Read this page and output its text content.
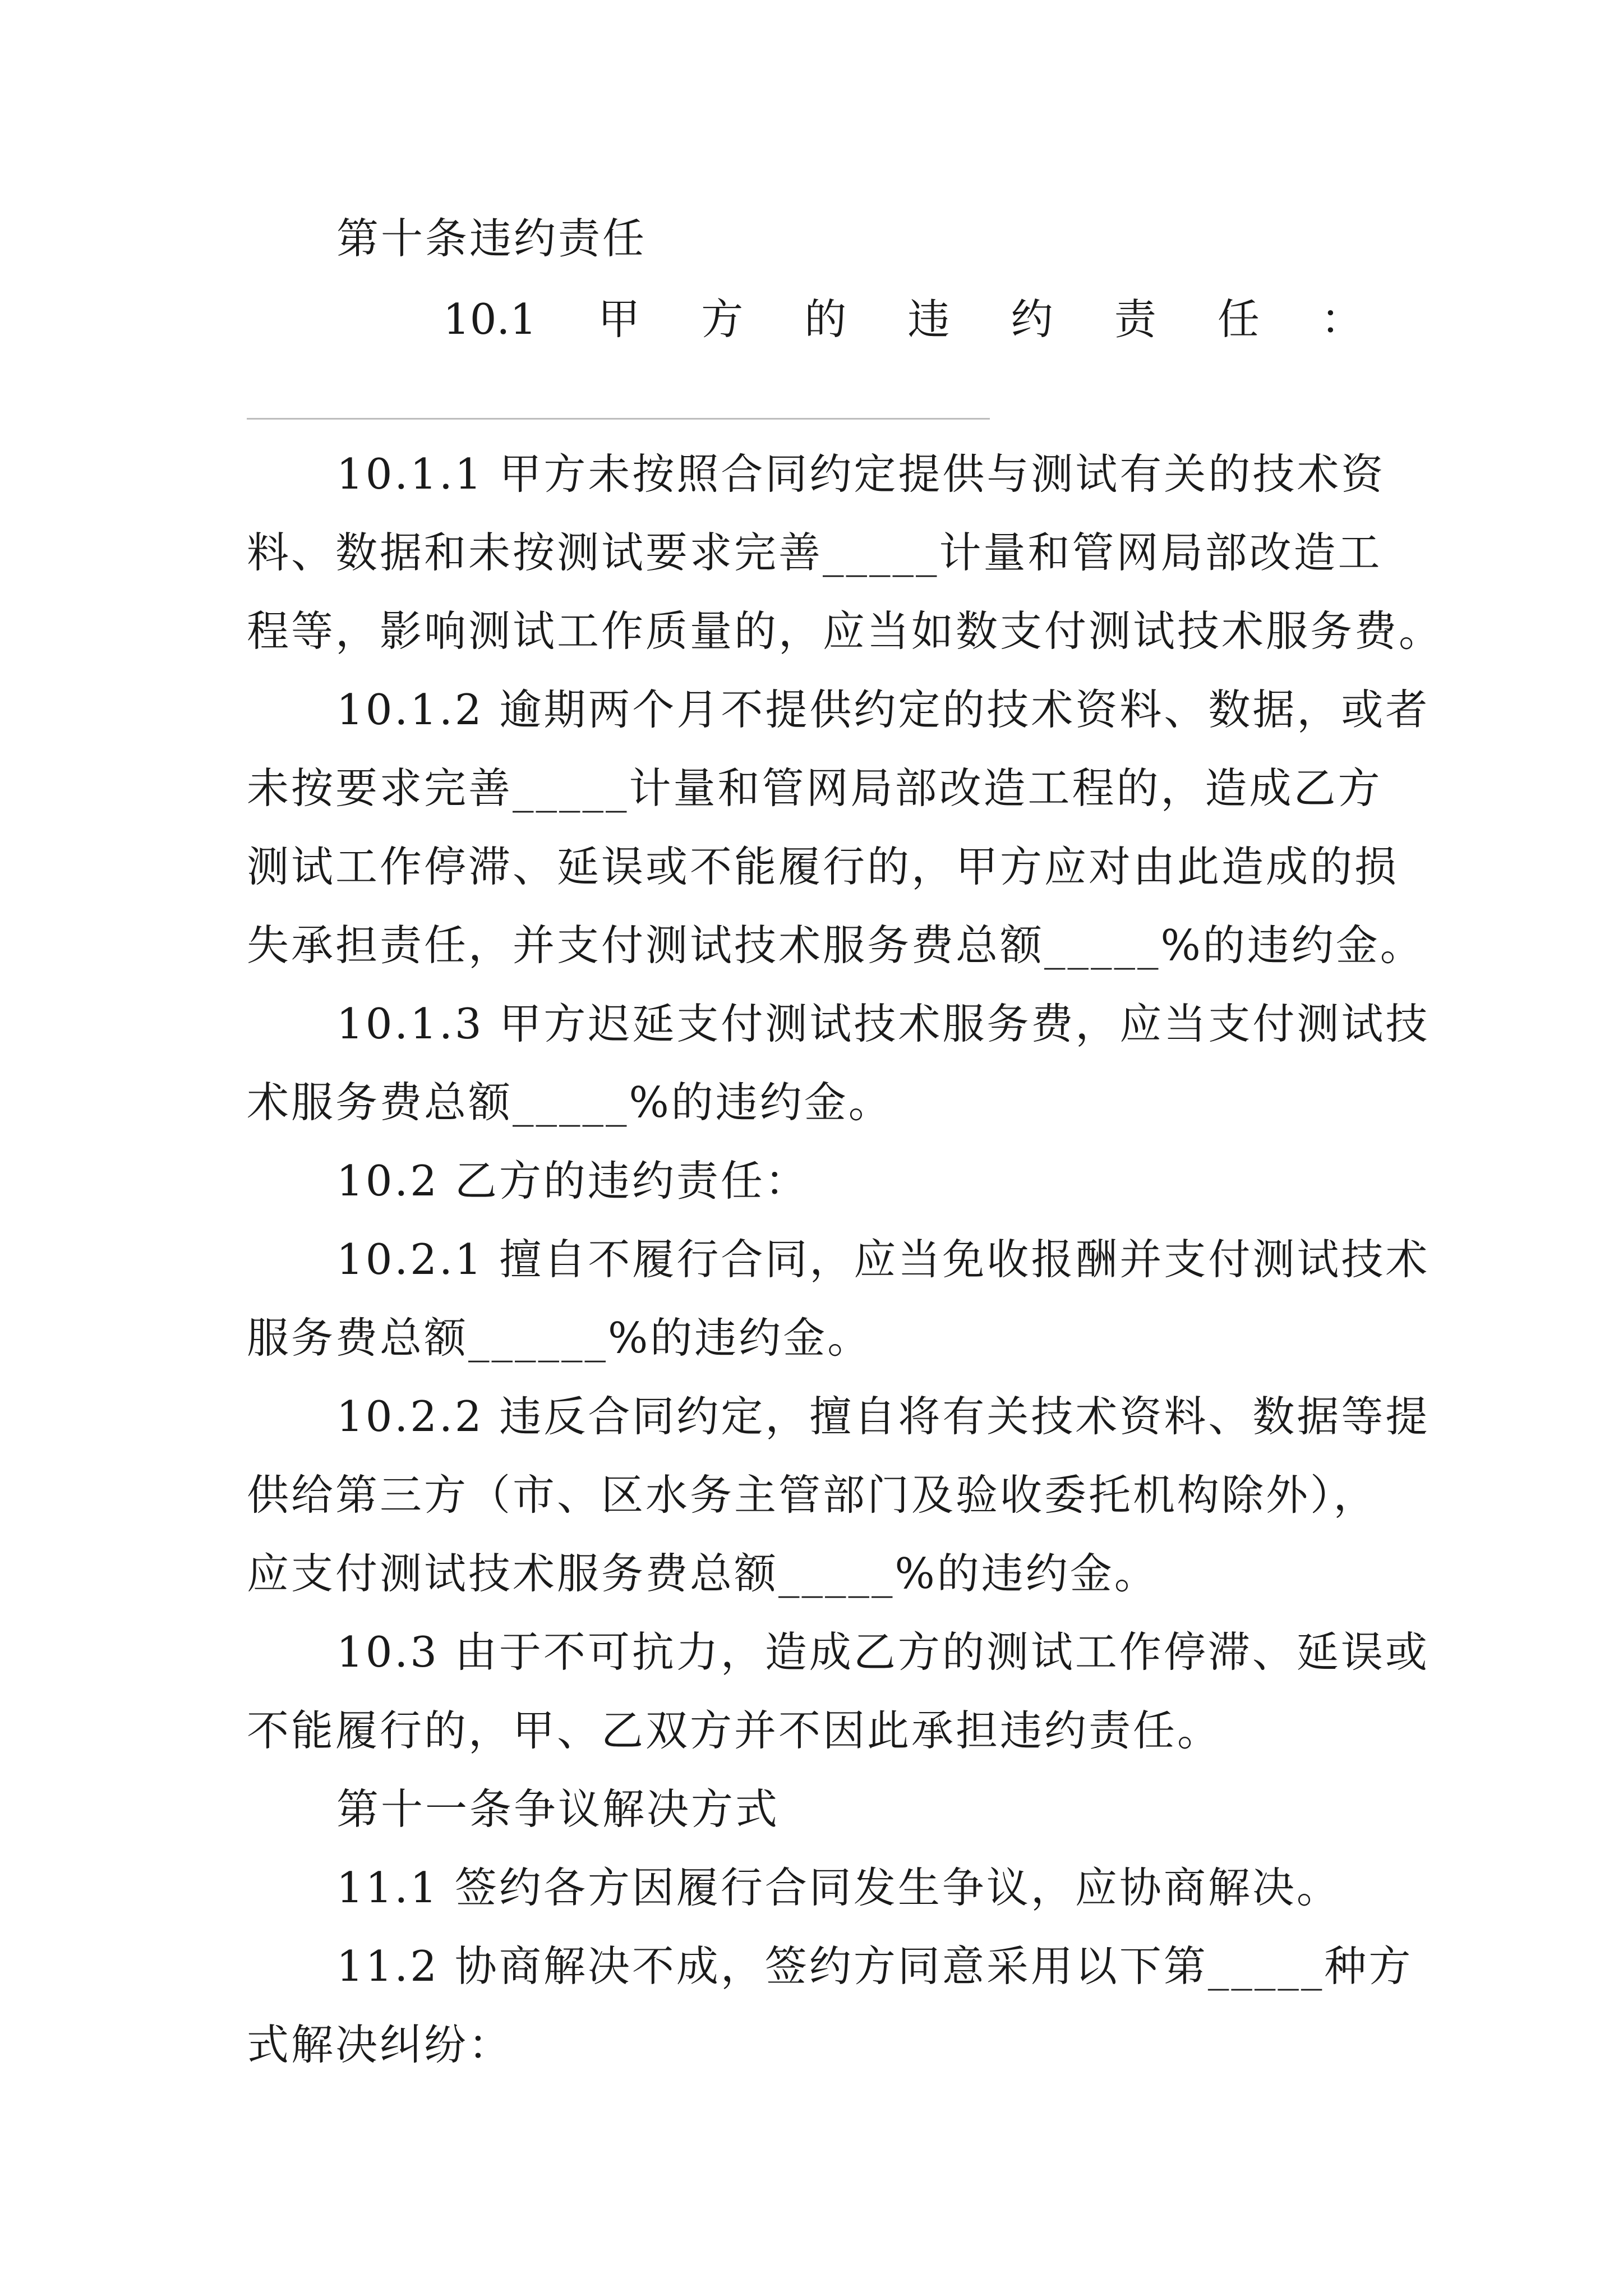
第十条违约责任
10.1 甲 方 的 违 约 责 任 ：
10.1.1 甲方未按照合同约定提供与测试有关的技术资
料、数据和未按测试要求完善_____计量和管网局部改造工
程等，影响测试工作质量的，应当如数支付测试技术服务费。
10.1.2 逾期两个月不提供约定的技术资料、数据，或者
未按要求完善_____计量和管网局部改造工程的，造成乙方
测试工作停滞、延误或不能履行的，甲方应对由此造成的损
失承担责任，并支付测试技术服务费总额_____%的违约金。
10.1.3 甲方迟延支付测试技术服务费，应当支付测试技
术服务费总额_____%的违约金。
10.2 乙方的违约责任：
10.2.1 擅自不履行合同，应当免收报酬并支付测试技术
服务费总额______%的违约金。
10.2.2 违反合同约定，擅自将有关技术资料、数据等提
供给第三方（市、区水务主管部门及验收委托机构除外），
应支付测试技术服务费总额_____%的违约金。
10.3 由于不可抗力，造成乙方的测试工作停滞、延误或
不能履行的，甲、乙双方并不因此承担违约责任。
第十一条争议解决方式
11.1 签约各方因履行合同发生争议，应协商解决。
11.2 协商解决不成，签约方同意采用以下第_____种方
式解决纠纷：
